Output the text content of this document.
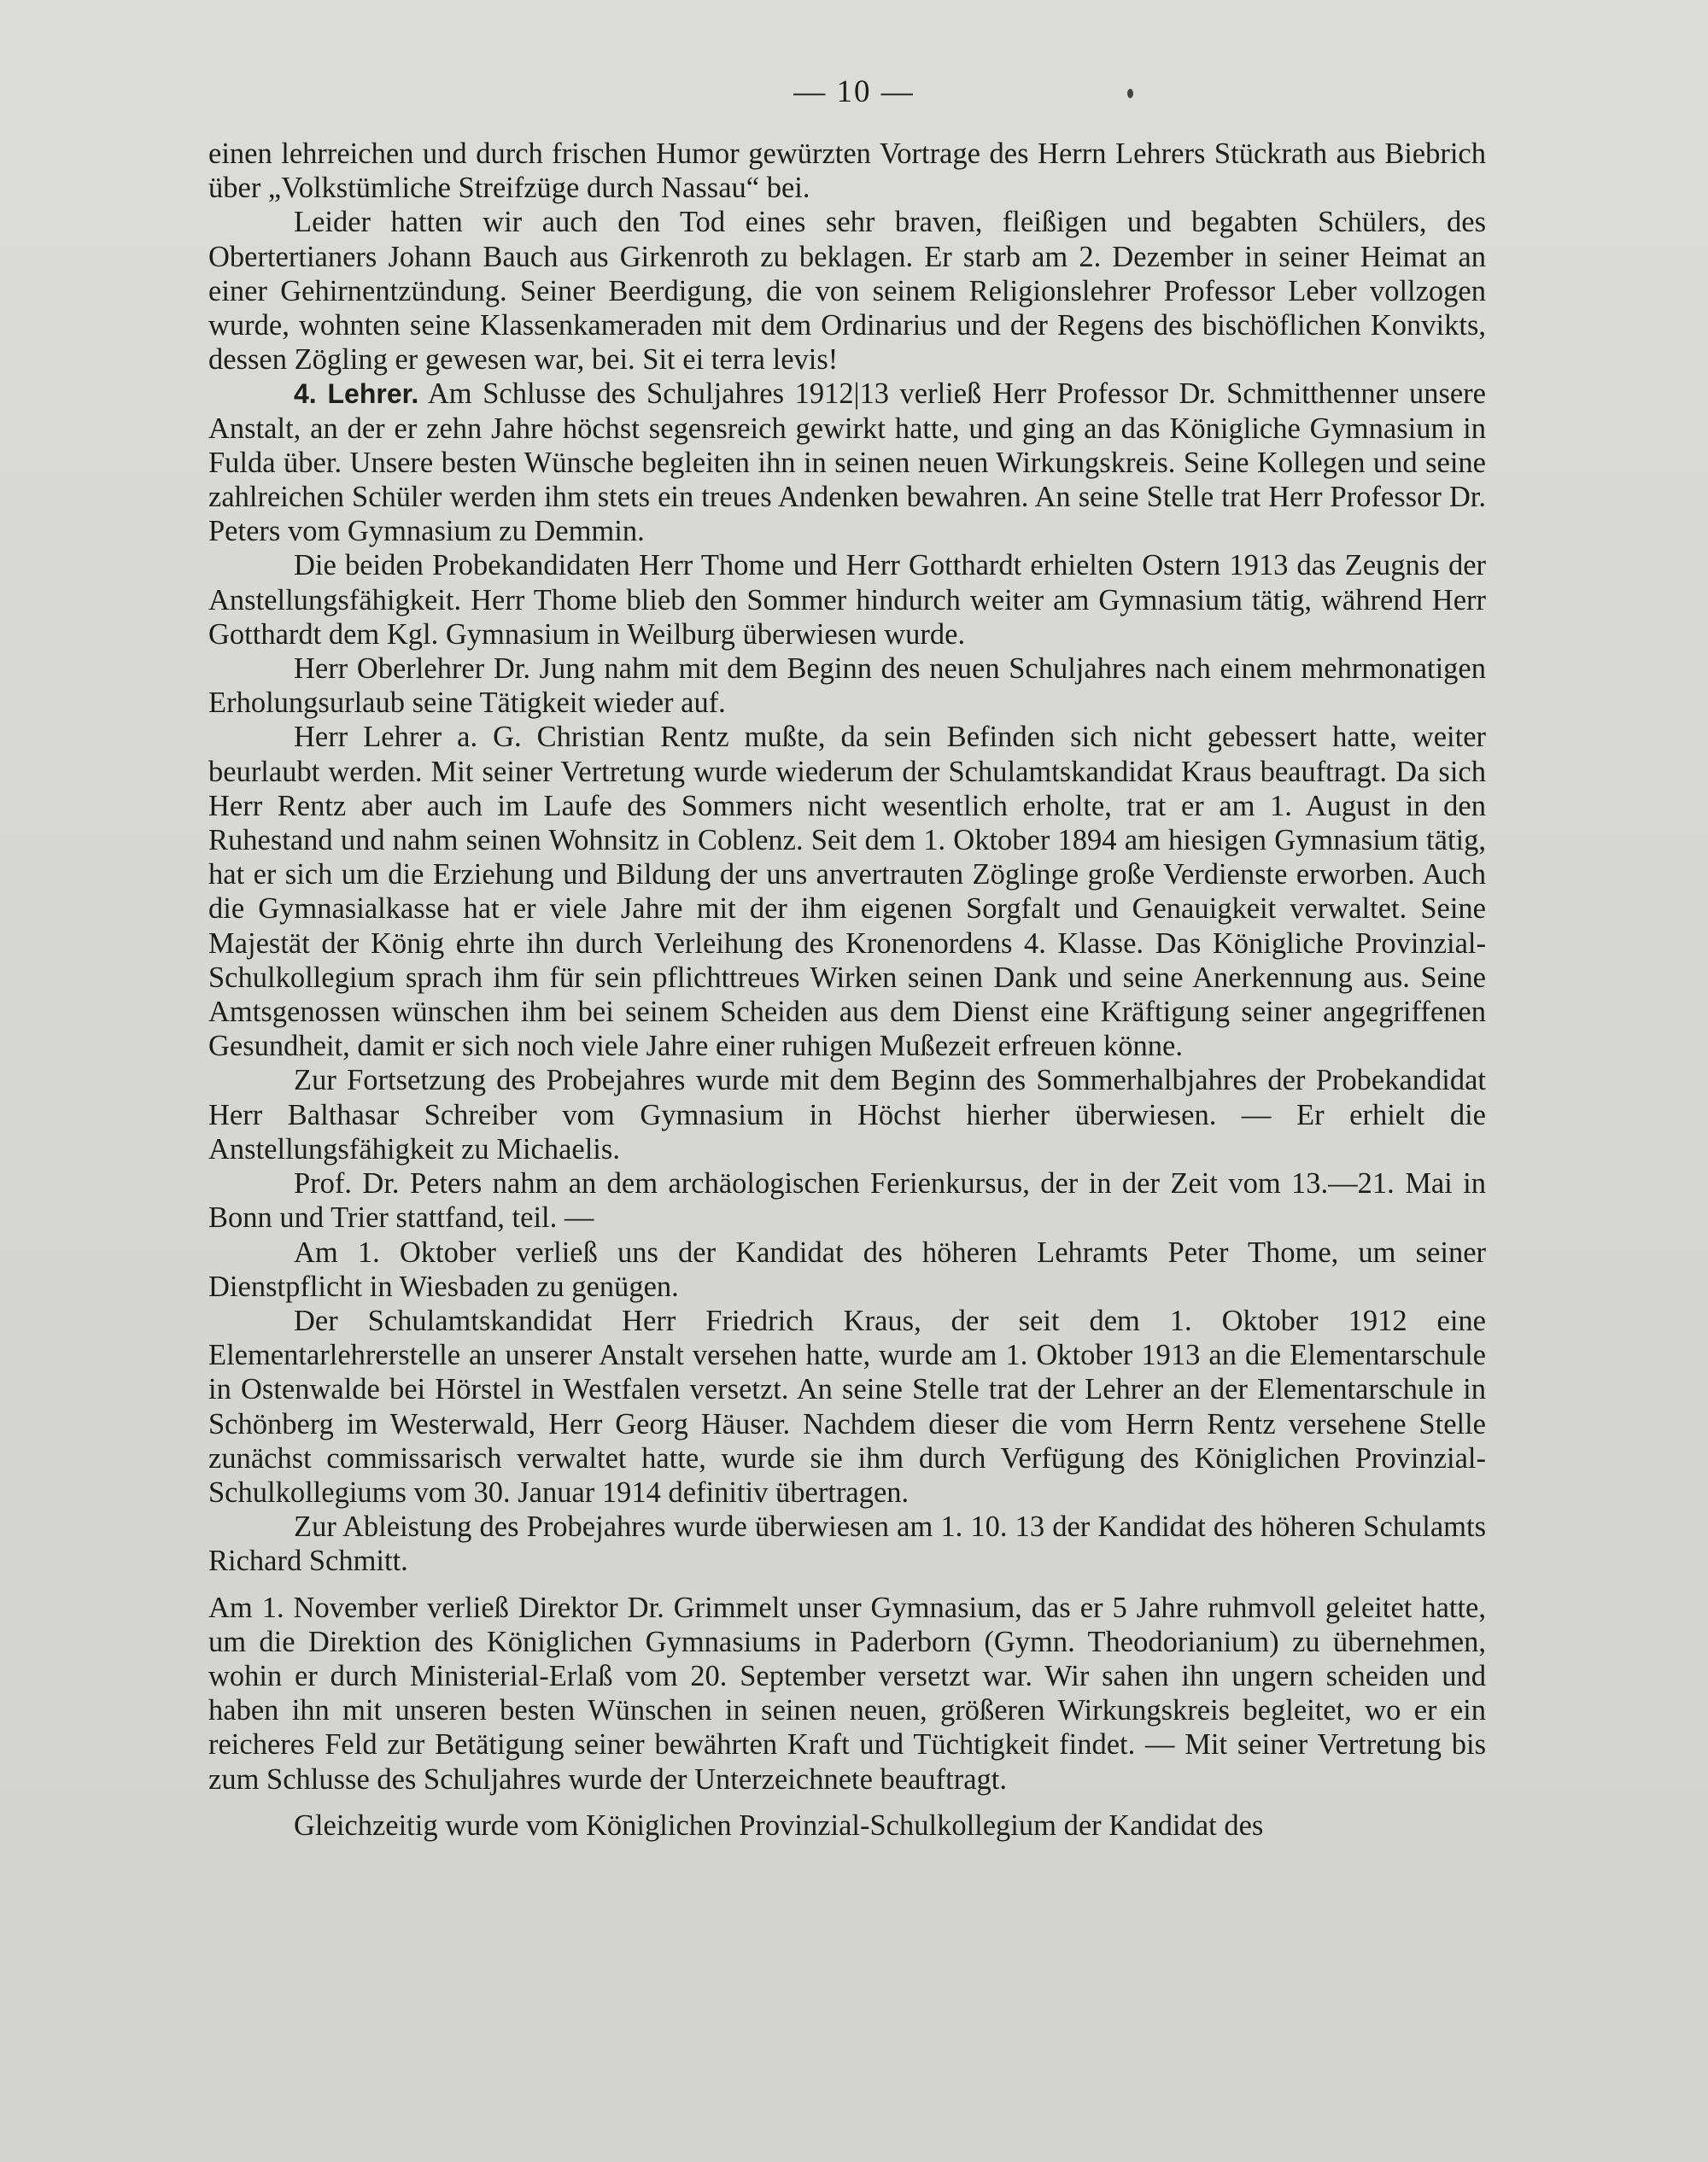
— 10 —

einen lehrreichen und durch frischen Humor gewürzten Vortrage des Herrn Lehrers Stückrath aus Biebrich über „Volkstümliche Streifzüge durch Nassau“ bei.

Leider hatten wir auch den Tod eines sehr braven, fleißigen und begabten Schülers, des Obertertianers Johann Bauch aus Girkenroth zu beklagen. Er starb am 2. Dezember in seiner Heimat an einer Gehirnentzündung. Seiner Beerdigung, die von seinem Religionslehrer Professor Leber vollzogen wurde, wohnten seine Klassenkameraden mit dem Ordinarius und der Regens des bischöflichen Konvikts, dessen Zögling er gewesen war, bei. Sit ei terra levis!

4. Lehrer. Am Schlusse des Schuljahres 1912|13 verließ Herr Professor Dr. Schmitthenner unsere Anstalt, an der er zehn Jahre höchst segensreich gewirkt hatte, und ging an das Königliche Gymnasium in Fulda über. Unsere besten Wünsche begleiten ihn in seinen neuen Wirkungskreis. Seine Kollegen und seine zahlreichen Schüler werden ihm stets ein treues Andenken bewahren. An seine Stelle trat Herr Professor Dr. Peters vom Gymnasium zu Demmin.

Die beiden Probekandidaten Herr Thome und Herr Gotthardt erhielten Ostern 1913 das Zeugnis der Anstellungsfähigkeit. Herr Thome blieb den Sommer hindurch weiter am Gymnasium tätig, während Herr Gotthardt dem Kgl. Gymnasium in Weilburg überwiesen wurde.

Herr Oberlehrer Dr. Jung nahm mit dem Beginn des neuen Schuljahres nach einem mehrmonatigen Erholungsurlaub seine Tätigkeit wieder auf.

Herr Lehrer a. G. Christian Rentz mußte, da sein Befinden sich nicht gebessert hatte, weiter beurlaubt werden. Mit seiner Vertretung wurde wiederum der Schulamtskandidat Kraus beauftragt. Da sich Herr Rentz aber auch im Laufe des Sommers nicht wesentlich erholte, trat er am 1. August in den Ruhestand und nahm seinen Wohnsitz in Coblenz. Seit dem 1. Oktober 1894 am hiesigen Gymnasium tätig, hat er sich um die Erziehung und Bildung der uns anvertrauten Zöglinge große Verdienste erworben. Auch die Gymnasialkasse hat er viele Jahre mit der ihm eigenen Sorgfalt und Genauigkeit verwaltet. Seine Majestät der König ehrte ihn durch Verleihung des Kronenordens 4. Klasse. Das Königliche Provinzial-Schulkollegium sprach ihm für sein pflichttreues Wirken seinen Dank und seine Anerkennung aus. Seine Amtsgenossen wünschen ihm bei seinem Scheiden aus dem Dienst eine Kräftigung seiner angegriffenen Gesundheit, damit er sich noch viele Jahre einer ruhigen Mußezeit erfreuen könne.

Zur Fortsetzung des Probejahres wurde mit dem Beginn des Sommerhalbjahres der Probekandidat Herr Balthasar Schreiber vom Gymnasium in Höchst hierher überwiesen. — Er erhielt die Anstellungsfähigkeit zu Michaelis.

Prof. Dr. Peters nahm an dem archäologischen Ferienkursus, der in der Zeit vom 13.—21. Mai in Bonn und Trier stattfand, teil. —

Am 1. Oktober verließ uns der Kandidat des höheren Lehramts Peter Thome, um seiner Dienstpflicht in Wiesbaden zu genügen.

Der Schulamtskandidat Herr Friedrich Kraus, der seit dem 1. Oktober 1912 eine Elementarlehrerstelle an unserer Anstalt versehen hatte, wurde am 1. Oktober 1913 an die Elementarschule in Ostenwalde bei Hörstel in Westfalen versetzt. An seine Stelle trat der Lehrer an der Elementarschule in Schönberg im Westerwald, Herr Georg Häuser. Nachdem dieser die vom Herrn Rentz versehene Stelle zunächst commissarisch verwaltet hatte, wurde sie ihm durch Verfügung des Königlichen Provinzial-Schulkollegiums vom 30. Januar 1914 definitiv übertragen.

Zur Ableistung des Probejahres wurde überwiesen am 1. 10. 13 der Kandidat des höheren Schulamts Richard Schmitt.

Am 1. November verließ Direktor Dr. Grimmelt unser Gymnasium, das er 5 Jahre ruhmvoll geleitet hatte, um die Direktion des Königlichen Gymnasiums in Paderborn (Gymn. Theodorianium) zu übernehmen, wohin er durch Ministerial-Erlaß vom 20. September versetzt war. Wir sahen ihn ungern scheiden und haben ihn mit unseren besten Wünschen in seinen neuen, größeren Wirkungskreis begleitet, wo er ein reicheres Feld zur Betätigung seiner bewährten Kraft und Tüchtigkeit findet. — Mit seiner Vertretung bis zum Schlusse des Schuljahres wurde der Unterzeichnete beauftragt.

Gleichzeitig wurde vom Königlichen Provinzial-Schulkollegium der Kandidat des
